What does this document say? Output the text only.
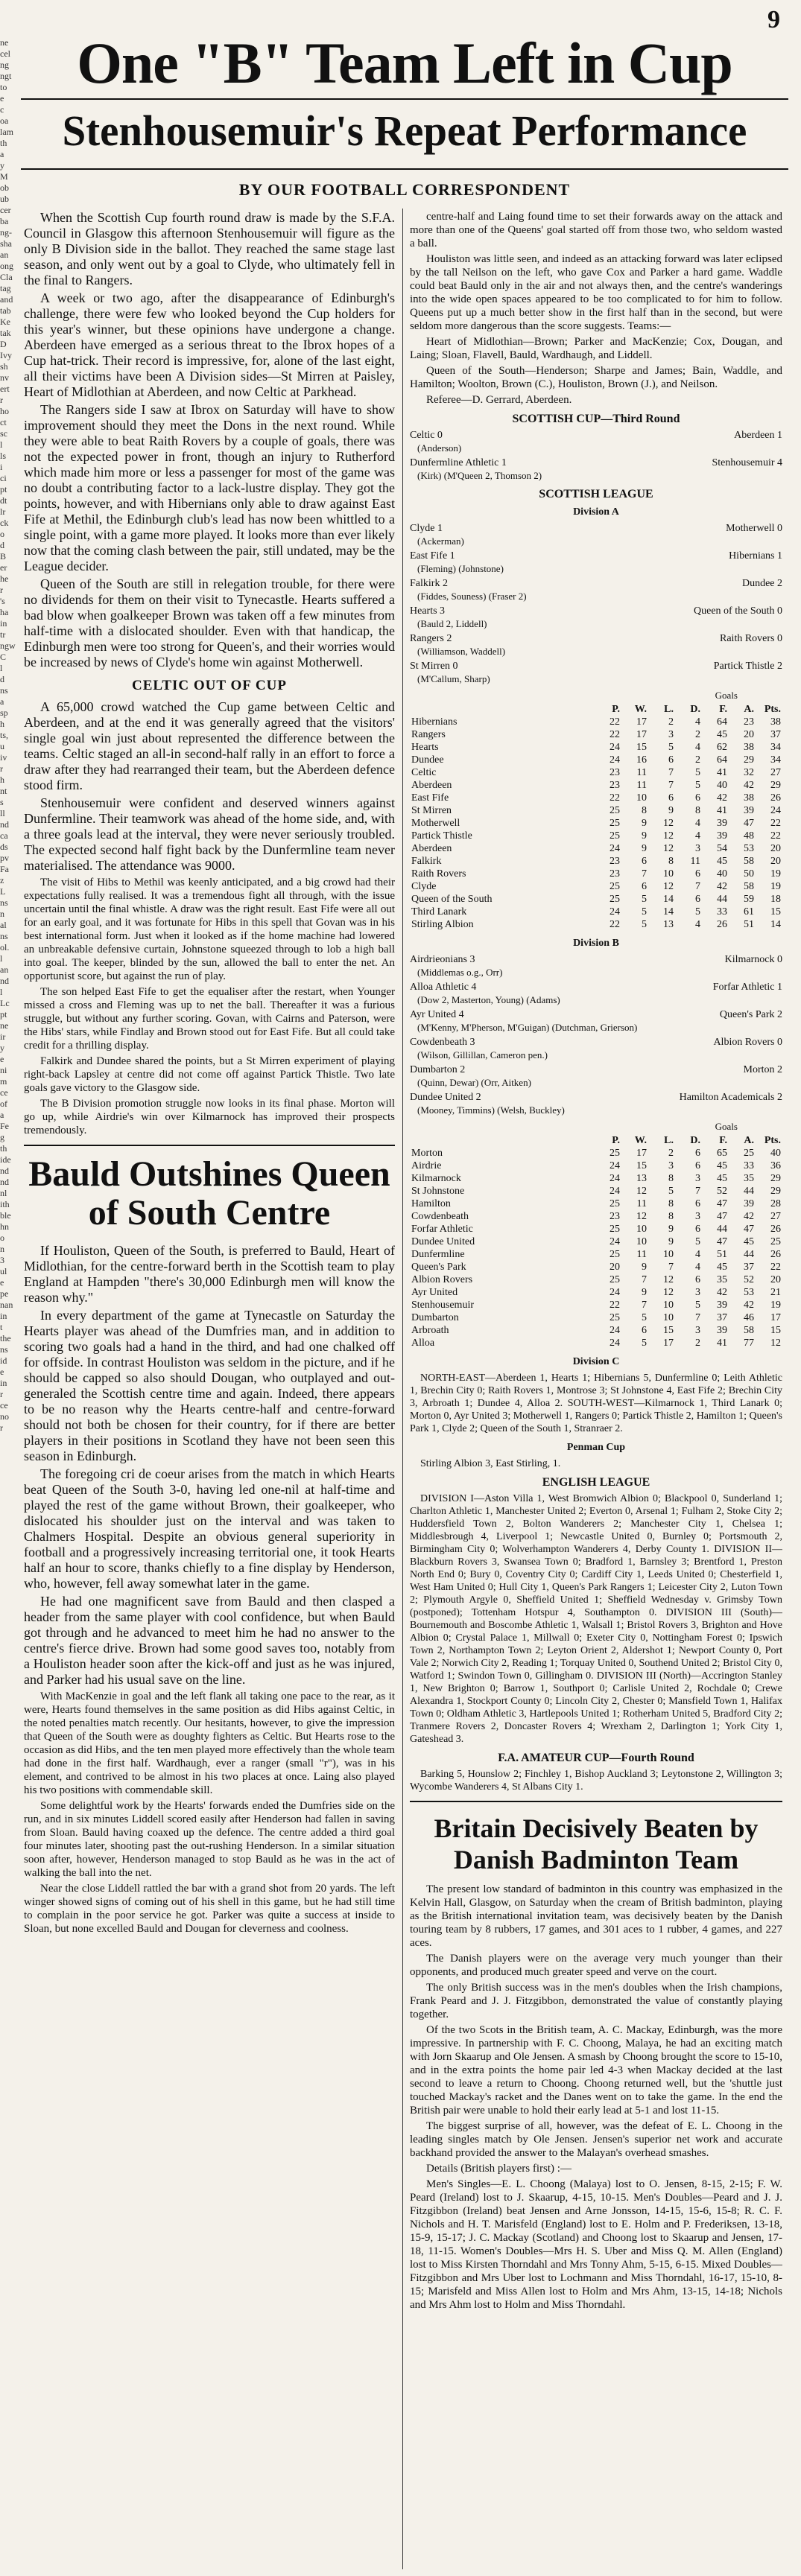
9
ne
cel
ng
ngt
to
e
c
oa
lam
th
a
y
M
ob
ub
cer
ba
ng-
sha
an
ong
Cla
tag
and
tab
Ke
tak
D
Ivy
sh
nv
ert
r
ho
ct
sc
l
ls
i
ci
pt
dt
lr
ck
o
d
B
er
he
r
's
ha
in
tr
ngw
C
l
d
ns
a
sp
h
ts,
u
iv
r
h
nt
s
ll
nd
ca
ds
pv
Fa
z
L
ns
n
al
ns
ol.
l
an
nd
l
Lc
pt
ne
ir
y
e
ni
m
ce
of
a
Fe
g
th
ide
nd
nd
nl
ith
ble
hn
o
n
3
ul
e
pe
nan
in
t
the
ns
id
e
in
r
ce
no
r
One "B" Team Left in Cup
Stenhousemuir's Repeat Performance
BY OUR FOOTBALL CORRESPONDENT

When the Scottish Cup fourth round draw is made by the S.F.A. Council in Glasgow this afternoon Stenhousemuir will figure as the only B Division side in the ballot. They reached the same stage last season, and only went out by a goal to Clyde, who ultimately fell in the final to Rangers.

A week or two ago, after the disappearance of Edinburgh's challenge, there were few who looked beyond the Cup holders for this year's winner, but these opinions have undergone a change. Aberdeen have emerged as a serious threat to the Ibrox hopes of a Cup hat-trick. Their record is impressive, for, alone of the last eight, all their victims have been A Division sides—St Mirren at Paisley, Heart of Midlothian at Aberdeen, and now Celtic at Parkhead.

The Rangers side I saw at Ibrox on Saturday will have to show improvement should they meet the Dons in the next round. While they were able to beat Raith Rovers by a couple of goals, there was not the expected power in front, though an injury to Rutherford which made him more or less a passenger for most of the game was no doubt a contributing factor to a lack-lustre display. They got the points, however, and with Hibernians only able to draw against East Fife at Methil, the Edinburgh club's lead has now been whittled to a single point, with a game more played. It looks more than ever likely now that the coming clash between the pair, still undated, may be the League decider.

Queen of the South are still in relegation trouble, for there were no dividends for them on their visit to Tynecastle. Hearts suffered a bad blow when goalkeeper Brown was taken off a few minutes from half-time with a dislocated shoulder. Even with that handicap, the Edinburgh men were too strong for Queen's, and their worries would be increased by news of Clyde's home win against Motherwell.

CELTIC OUT OF CUP

A 65,000 crowd watched the Cup game between Celtic and Aberdeen, and at the end it was generally agreed that the visitors' single goal win just about represented the difference between the teams. Celtic staged an all-in second-half rally in an effort to force a draw after they had rearranged their team, but the Aberdeen defence stood firm.

Stenhousemuir were confident and deserved winners against Dunfermline. Their teamwork was ahead of the home side, and, with a three goals lead at the interval, they were never seriously troubled. The expected second half fight back by the Dunfermline team never materialised. The attendance was 9000.

The visit of Hibs to Methil was keenly anticipated, and a big crowd had their expectations fully realised. It was a tremendous fight all through, with the issue uncertain until the final whistle. A draw was the right result. East Fife were all out for an early goal, and it was fortunate for Hibs in this spell that Govan was in his best international form. Just when it looked as if the home machine had lowered an unbreakable defensive curtain, Johnstone squeezed through to lob a high ball into goal. The keeper, blinded by the sun, allowed the ball to enter the net. An opportunist score, but against the run of play.

The son helped East Fife to get the equaliser after the restart, when Younger missed a cross and Fleming was up to net the ball. Thereafter it was a furious struggle, but without any further scoring. Govan, with Cairns and Paterson, were the Hibs' stars, while Findlay and Brown stood out for East Fife. But all could take credit for a thrilling display.

Falkirk and Dundee shared the points, but a St Mirren experiment of playing right-back Lapsley at centre did not come off against Partick Thistle. Two late goals gave victory to the Glasgow side.

The B Division promotion struggle now looks in its final phase. Morton will go up, while Airdrie's win over Kilmarnock has improved their prospects tremendously.

Bauld Outshines Queen of South Centre

If Houliston, Queen of the South, is preferred to Bauld, Heart of Midlothian, for the centre-forward berth in the Scottish team to play England at Hampden "there's 30,000 Edinburgh men will know the reason why."

In every department of the game at Tynecastle on Saturday the Hearts player was ahead of the Dumfries man, and in addition to scoring two goals had a hand in the third, and had one chalked off for offside. In contrast Houliston was seldom in the picture, and if he should be capped so also should Dougan, who outplayed and out-generaled the Scottish centre time and again. Indeed, there appears to be no reason why the Hearts centre-half and centre-forward should not both be chosen for their country, for if there are better players in their positions in Scotland they have not been seen this season in Edinburgh.

The foregoing cri de coeur arises from the match in which Hearts beat Queen of the South 3-0, having led one-nil at half-time and played the rest of the game without Brown, their goalkeeper, who dislocated his shoulder just on the interval and was taken to Chalmers Hospital. Despite an obvious general superiority in football and a progressively increasing territorial one, it took Hearts half an hour to score, thanks chiefly to a fine display by Henderson, who, however, fell away somewhat later in the game.

He had one magnificent save from Bauld and then clasped a header from the same player with cool confidence, but when Bauld got through and he advanced to meet him he had no answer to the centre's fierce drive. Brown had some good saves too, notably from a Houliston header soon after the kick-off and just as he was injured, and Parker had his usual save on the line.

With MacKenzie in goal and the left flank all taking one pace to the rear, as it were, Hearts found themselves in the same position as did Hibs against Celtic, in the noted penalties match recently. Our hesitants, however, to give the impression that Queen of the South were as doughty fighters as Celtic. But Hearts rose to the occasion as did Hibs, and the ten men played more effectively than the whole team had done in the first half. Wardhaugh, ever a ranger (small "r"), was in his element, and contrived to be almost in his two places at once. Laing also played his two positions with commendable skill.

Some delightful work by the Hearts' forwards ended the Dumfries side on the run, and in six minutes Liddell scored easily after Henderson had fallen in saving from Sloan. Bauld having coaxed up the defence. The centre added a third goal four minutes later, shooting past the out-rushing Henderson. In a similar situation soon after, however, Henderson managed to stop Bauld as he was in the act of walking the ball into the net.

Near the close Liddell rattled the bar with a grand shot from 20 yards. The left winger showed signs of coming out of his shell in this game, but he had still time to complain in the poor service he got. Parker was quite a success at inside to Sloan, but none excelled Bauld and Dougan for cleverness and coolness.

centre-half and Laing found time to set their forwards away on the attack and more than one of the Queens' goal started off from those two, who seldom wasted a ball.

Houliston was little seen, and indeed as an attacking forward was later eclipsed by the tall Neilson on the left, who gave Cox and Parker a hard game. Waddle could beat Bauld only in the air and not always then, and the centre's wanderings into the wide open spaces appeared to be too complicated to for him to follow. Queens put up a much better show in the first half than in the second, but were seldom more dangerous than the score suggests. Teams:—

Heart of Midlothian—Brown; Parker and MacKenzie; Cox, Dougan, and Laing; Sloan, Flavell, Bauld, Wardhaugh, and Liddell.

Queen of the South—Henderson; Sharpe and James; Bain, Waddle, and Hamilton; Woolton, Brown (C.), Houliston, Brown (J.), and Neilson.

Referee—D. Gerrard, Aberdeen.

SCOTTISH CUP—Third Round
Celtic 0	Aberdeen 1
(Anderson)
Dunfermline Athletic 1	Stenhousemuir 4
(Kirk) (M'Queen 2, Thomson 2)
SCOTTISH LEAGUE
Division A
Clyde 1	Motherwell 0
(Ackerman)
East Fife 1	Hibernians 1
(Fleming) (Johnstone)
Falkirk 2	Dundee 2
(Fiddes, Souness) (Fraser 2)
Hearts 3	Queen of the South 0
(Bauld 2, Liddell)
Rangers 2	Raith Rovers 0
(Williamson, Waddell)
St Mirren 0	Partick Thistle 2
(M'Callum, Sharp)
Goals
	P.	W.	L.	D.	F.	A.	Pts.
Hibernians	22	17	2	4	64	23	38
Rangers	22	17	3	2	45	20	37
Hearts	24	15	5	4	62	38	34
Dundee	24	16	6	2	64	29	34
Celtic	23	11	7	5	41	32	27
Aberdeen	23	11	7	5	40	42	29
East Fife	22	10	6	6	42	38	26
St Mirren	25	8	9	8	41	39	24
Motherwell	25	9	12	4	39	47	22
Partick Thistle	25	9	12	4	39	48	22
Aberdeen	24	9	12	3	54	53	20
Falkirk	23	6	8	11	45	58	20
Raith Rovers	23	7	10	6	40	50	19
Clyde	25	6	12	7	42	58	19
Queen of the South	25	5	14	6	44	59	18
Third Lanark	24	5	14	5	33	61	15
Stirling Albion	22	5	13	4	26	51	14
Division B
Airdrieonians 3	Kilmarnock 0
(Middlemas o.g., Orr)
Alloa Athletic 4	Forfar Athletic 1
(Dow 2, Masterton, Young) (Adams)
Ayr United 4	Queen's Park 2
(M'Kenny, M'Pherson, M'Guigan) (Dutchman, Grierson)
Cowdenbeath 3	Albion Rovers 0
(Wilson, Gillillan, Cameron pen.)
Dumbarton 2	Morton 2
(Quinn, Dewar) (Orr, Aitken)
Dundee United 2	Hamilton Academicals 2
(Mooney, Timmins) (Welsh, Buckley)
Goals
	P.	W.	L.	D.	F.	A.	Pts.
Morton	25	17	2	6	65	25	40
Airdrie	24	15	3	6	45	33	36
Kilmarnock	24	13	8	3	45	35	29
St Johnstone	24	12	5	7	52	44	29
Hamilton	25	11	8	6	47	39	28
Cowdenbeath	23	12	8	3	47	42	27
Forfar Athletic	25	10	9	6	44	47	26
Dundee United	24	10	9	5	47	45	25
Dunfermline	25	11	10	4	51	44	26
Queen's Park	20	9	7	4	45	37	22
Albion Rovers	25	7	12	6	35	52	20
Ayr United	24	9	12	3	42	53	21
Stenhousemuir	22	7	10	5	39	42	19
Dumbarton	25	5	10	7	37	46	17
Arbroath	24	6	15	3	39	58	15
Alloa	24	5	17	2	41	77	12
Division C

NORTH-EAST—Aberdeen 1, Hearts 1; Hibernians 5, Dunfermline 0; Leith Athletic 1, Brechin City 0; Raith Rovers 1, Montrose 3; St Johnstone 4, East Fife 2; Brechin City 3, Arbroath 1; Dundee 4, Alloa 2. SOUTH-WEST—Kilmarnock 1, Third Lanark 0; Morton 0, Ayr United 3; Motherwell 1, Rangers 0; Partick Thistle 2, Hamilton 1; Queen's Park 1, Clyde 2; Queen of the South 1, Stranraer 2.

Penman Cup

Stirling Albion 3, East Stirling, 1.

ENGLISH LEAGUE

DIVISION I—Aston Villa 1, West Bromwich Albion 0; Blackpool 0, Sunderland 1; Charlton Athletic 1, Manchester United 2; Everton 0, Arsenal 1; Fulham 2, Stoke City 2; Huddersfield Town 2, Bolton Wanderers 2; Manchester City 1, Chelsea 1; Middlesbrough 4, Liverpool 1; Newcastle United 0, Burnley 0; Portsmouth 2, Birmingham City 0; Wolverhampton Wanderers 4, Derby County 1. DIVISION II—Blackburn Rovers 3, Swansea Town 0; Bradford 1, Barnsley 3; Brentford 1, Preston North End 0; Bury 0, Coventry City 0; Cardiff City 1, Leeds United 0; Chesterfield 1, West Ham United 0; Hull City 1, Queen's Park Rangers 1; Leicester City 2, Luton Town 2; Plymouth Argyle 0, Sheffield United 1; Sheffield Wednesday v. Grimsby Town (postponed); Tottenham Hotspur 4, Southampton 0. DIVISION III (South)—Bournemouth and Boscombe Athletic 1, Walsall 1; Bristol Rovers 3, Brighton and Hove Albion 0; Crystal Palace 1, Millwall 0; Exeter City 0, Nottingham Forest 0; Ipswich Town 2, Northampton Town 2; Leyton Orient 2, Aldershot 1; Newport County 0, Port Vale 2; Norwich City 2, Reading 1; Torquay United 0, Southend United 2; Bristol City 0, Watford 1; Swindon Town 0, Gillingham 0. DIVISION III (North)—Accrington Stanley 1, New Brighton 0; Barrow 1, Southport 0; Carlisle United 2, Rochdale 0; Crewe Alexandra 1, Stockport County 0; Lincoln City 2, Chester 0; Mansfield Town 1, Halifax Town 0; Oldham Athletic 3, Hartlepools United 1; Rotherham United 5, Bradford City 2; Tranmere Rovers 2, Doncaster Rovers 4; Wrexham 2, Darlington 1; York City 1, Gateshead 3.

F.A. AMATEUR CUP—Fourth Round

Barking 5, Hounslow 2; Finchley 1, Bishop Auckland 3; Leytonstone 2, Willington 3; Wycombe Wanderers 4, St Albans City 1.

Britain Decisively Beaten by Danish Badminton Team

The present low standard of badminton in this country was emphasized in the Kelvin Hall, Glasgow, on Saturday when the cream of British badminton, playing as the British international invitation team, was decisively beaten by the Danish touring team by 8 rubbers, 17 games, and 301 aces to 1 rubber, 4 games, and 227 aces.

The Danish players were on the average very much younger than their opponents, and produced much greater speed and verve on the court.

The only British success was in the men's doubles when the Irish champions, Frank Peard and J. J. Fitzgibbon, demonstrated the value of constantly playing together.

Of the two Scots in the British team, A. C. Mackay, Edinburgh, was the more impressive. In partnership with F. C. Choong, Malaya, he had an exciting match with Jorn Skaarup and Ole Jensen. A smash by Choong brought the score to 15-10, and in the extra points the home pair led 4-3 when Mackay decided at the last second to leave a return to Choong. Choong returned well, but the 'shuttle just touched Mackay's racket and the Danes went on to take the game. In the end the British pair were unable to hold their early lead at 5-1 and lost 11-15.

The biggest surprise of all, however, was the defeat of E. L. Choong in the leading singles match by Ole Jensen. Jensen's superior net work and accurate backhand provided the answer to the Malayan's overhead smashes.

Details (British players first) :—

Men's Singles—E. L. Choong (Malaya) lost to O. Jensen, 8-15, 2-15; F. W. Peard (Ireland) lost to J. Skaarup, 4-15, 10-15. Men's Doubles—Peard and J. J. Fitzgibbon (Ireland) beat Jensen and Arne Jonsson, 14-15, 15-6, 15-8; R. C. F. Nichols and H. T. Marisfeld (England) lost to E. Holm and P. Frederiksen, 13-18, 15-9, 15-17; J. C. Mackay (Scotland) and Choong lost to Skaarup and Jensen, 17-18, 11-15. Women's Doubles—Mrs H. S. Uber and Miss Q. M. Allen (England) lost to Miss Kirsten Thorndahl and Mrs Tonny Ahm, 5-15, 6-15. Mixed Doubles—Fitzgibbon and Mrs Uber lost to Lochmann and Miss Thorndahl, 16-17, 15-10, 8-15; Marisfeld and Miss Allen lost to Holm and Mrs Ahm, 13-15, 14-18; Nichols and Mrs Ahm lost to Holm and Miss Thorndahl.
